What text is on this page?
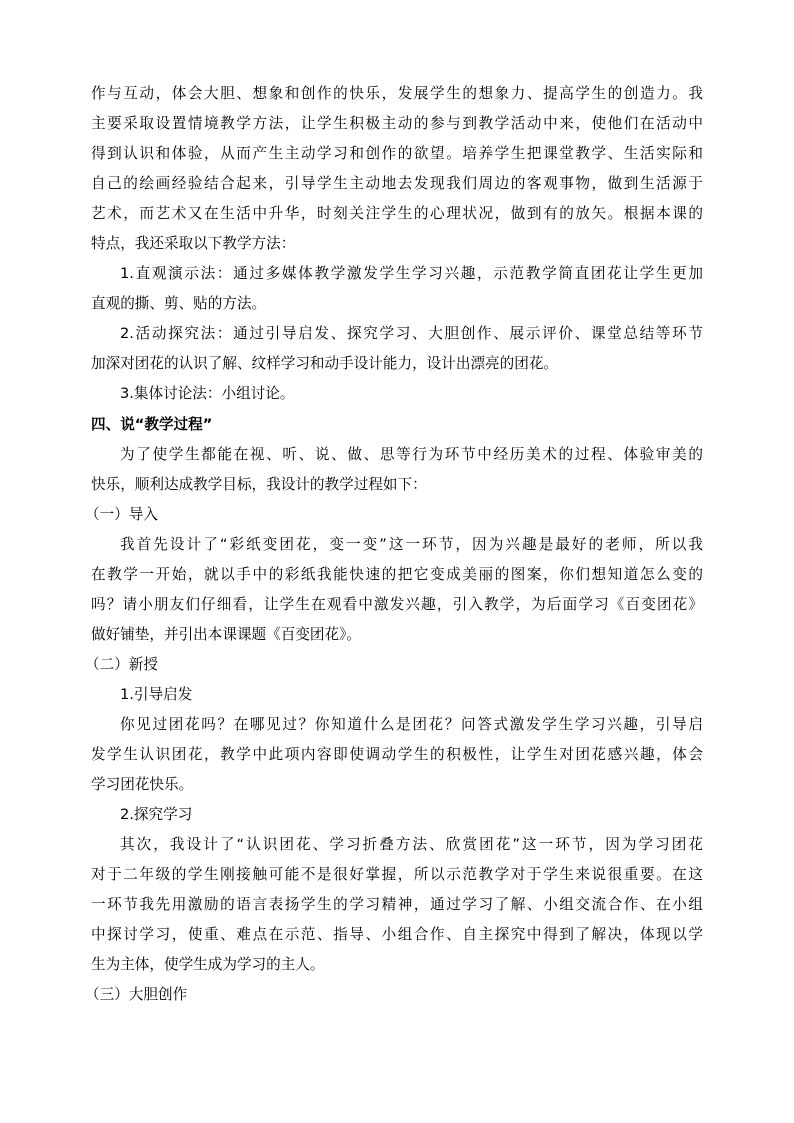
作与互动，体会大胆、想象和创作的快乐，发展学生的想象力、提高学生的创造力。我
主要采取设置情境教学方法，让学生积极主动的参与到教学活动中来，使他们在活动中
得到认识和体验，从而产生主动学习和创作的欲望。培养学生把课堂教学、生活实际和
自己的绘画经验结合起来，引导学生主动地去发现我们周边的客观事物，做到生活源于
艺术，而艺术又在生活中升华，时刻关注学生的心理状况，做到有的放矢。根据本课的
特点，我还采取以下教学方法：
1.直观演示法：通过多媒体教学激发学生学习兴趣，示范教学简直团花让学生更加
直观的撕、剪、贴的方法。
2.活动探究法：通过引导启发、探究学习、大胆创作、展示评价、课堂总结等环节
加深对团花的认识了解、纹样学习和动手设计能力，设计出漂亮的团花。
3.集体讨论法：小组讨论。
四、说“教学过程”
为了使学生都能在视、听、说、做、思等行为环节中经历美术的过程、体验审美的
快乐，顺利达成教学目标，我设计的教学过程如下：
（一）导入
我首先设计了“彩纸变团花，变一变”这一环节，因为兴趣是最好的老师，所以我
在教学一开始，就以手中的彩纸我能快速的把它变成美丽的图案，你们想知道怎么变的
吗？请小朋友们仔细看，让学生在观看中激发兴趣，引入教学，为后面学习《百变团花》
做好铺垫，并引出本课课题《百变团花》。
（二）新授
1.引导启发
你见过团花吗？在哪见过？你知道什么是团花？问答式激发学生学习兴趣，引导启
发学生认识团花，教学中此项内容即使调动学生的积极性，让学生对团花感兴趣，体会
学习团花快乐。
2.探究学习
其次，我设计了“认识团花、学习折叠方法、欣赏团花”这一环节，因为学习团花
对于二年级的学生刚接触可能不是很好掌握，所以示范教学对于学生来说很重要。在这
一环节我先用激励的语言表扬学生的学习精神，通过学习了解、小组交流合作、在小组
中探讨学习，使重、难点在示范、指导、小组合作、自主探究中得到了解决，体现以学
生为主体，使学生成为学习的主人。
（三）大胆创作
